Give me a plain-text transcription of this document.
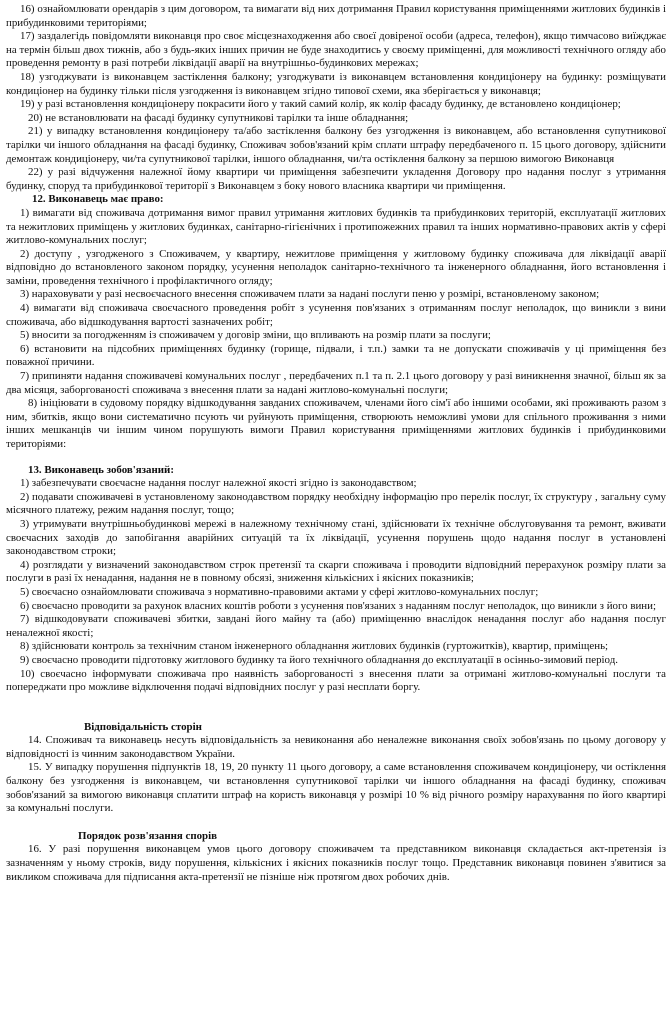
16) ознайомлювати орендарів з цим договором, та вимагати від них дотримання Правил користування приміщеннями житлових будинків і прибудинковими територіями;

17) заздалегідь повідомляти виконавця про своє місцезнаходження або своєї довіреної особи (адреса, телефон), якщо тимчасово виїжджає на термін більш двох тижнів, або з будь-яких інших причин не буде знаходитись у своєму приміщенні, для можливості технічного огляду або проведення ремонту в разі потреби ліквідації аварії на внутрішньо-будинкових мережах;

18) узгоджувати із виконавцем застіклення балкону; узгоджувати із виконавцем встановлення кондиціонеру на будинку: розміщувати кондиціонер на будинку тільки після узгодження із виконавцем згідно типової схеми, яка зберігається у виконавця;

19) у разі встановлення кондиціонеру покрасити його у такий самий колір, як колір фасаду будинку, де встановлено кондиціонер;

20) не встановлювати на фасаді будинку супутникові тарілки та інше обладнання;

21) у випадку встановлення кондиціонеру та/або застіклення балкону без узгодження із виконавцем, або встановлення супутникової тарілки чи іншого обладнання на фасаді будинку, Споживач зобов'язаний крім сплати штрафу передбаченого п. 15 цього договору, здійснити демонтаж кондиціонеру, чи/та супутникової тарілки, іншого обладнання, чи/та остіклення балкону за першою вимогою Виконавця

22) у разі відчуження належної йому квартири чи приміщення забезпечити укладення Договору про надання послуг з утримання будинку, споруд та прибудинкової території з Виконавцем з боку нового власника квартири чи приміщення.

12. Виконавець має право:

1) вимагати від споживача дотримання вимог правил утримання житлових будинків та прибудинкових територій, експлуатації житлових та нежитлових приміщень у житлових будинках, санітарно-гігієнічних і протипожежних правил та інших нормативно-правових актів у сфері житлово-комунальних послуг;

2) доступу , узгодженого з Споживачем, у квартиру, нежитлове приміщення у житловому будинку споживача для ліквідації аварії відповідно до встановленого законом порядку, усунення неполадок санітарно-технічного та інженерного обладнання, його встановлення і заміни, проведення технічного і профілактичного огляду;

3) нараховувати у разі несвоєчасного внесення споживачем плати за надані послуги пеню у розмірі, встановленому законом;

4) вимагати від споживача своєчасного проведення робіт з усунення пов'язаних з отриманням послуг неполадок, що виникли з вини споживача, або відшкодування вартості зазначених робіт;

5) вносити за погодженням із споживачем у договір зміни, що впливають на розмір плати за послуги;

6) встановити на підсобних приміщеннях будинку (горище, підвали, і т.п.) замки та не допускати споживачів у ці приміщення без поважної причини.

7) припиняти надання споживачеві комунальних послуг , передбачених п.1 та п. 2.1 цього договору у разі виникнення значної, більш як за два місяця, заборгованості споживача з внесення плати за надані житлово-комунальні послуги;

8) ініціювати в судовому порядку відшкодування завданих споживачем, членами його сім'ї або іншими особами, які проживають разом з ним, збитків, якщо вони систематично псують чи руйнують приміщення, створюють неможливі умови для спільного проживання з ними інших мешканців чи іншим чином порушують вимоги Правил користування приміщеннями житлових будинків і прибудинковими територіями:

13. Виконавець зобов'язаний:

1) забезпечувати своєчасне надання послуг належної якості згідно із законодавством;

2) подавати споживачеві в установленому законодавством порядку необхідну інформацію про перелік послуг, їх структуру , загальну суму місячного платежу, режим надання послуг, тощо;

3) утримувати внутрішньобудинкові мережі в належному технічному стані, здійснювати їх технічне обслуговування та ремонт, вживати своєчасних заходів до запобігання аварійних ситуацій та їх ліквідації, усунення порушень щодо надання послуг в установлені законодавством строки;

4) розглядати у визначений законодавством строк претензії та скарги споживача і проводити відповідний перерахунок розміру плати за послуги в разі їх ненадання, надання не в повному обсязі, зниження кількісних і якісних показників;

5) своєчасно ознайомлювати споживача з нормативно-правовими актами у сфері житлово-комунальних послуг;

6) своєчасно проводити за рахунок власних коштів роботи з усунення пов'язаних з наданням послуг неполадок, що виникли з його вини;

7) відшкодовувати споживачеві збитки, завдані його майну та (або) приміщенню внаслідок ненадання послуг або надання послуг неналежної якості;

8) здійснювати контроль за технічним станом інженерного обладнання житлових будинків (гуртожитків), квартир, приміщень;

9) своєчасно проводити підготовку житлового будинку та його технічного обладнання до експлуатації в осінньо-зимовий період.

10) своєчасно інформувати споживача про наявність заборгованості з внесення плати за отримані житлово-комунальні послуги та попереджати про можливе відключення подачі відповідних послуг у разі несплати боргу.

Відповідальність сторін

14. Споживач та виконавець несуть відповідальність за невиконання або неналежне виконання своїх зобов'язань по цьому договору у відповідності із чинним законодавством України.

15. У випадку порушення підпунктів 18, 19, 20 пункту 11 цього договору, а саме встановлення споживачем кондиціонеру, чи остіклення балкону без узгодження із виконавцем, чи встановлення супутникової тарілки чи іншого обладнання на фасаді будинку, споживач зобов'язаний за вимогою виконавця сплатити штраф на користь виконавця у розмірі 10 % від річного розміру нарахування по його квартирі за комунальні послуги.

Порядок розв'язання спорів

16. У разі порушення виконавцем умов цього договору споживачем та представником виконавця складається акт-претензія із зазначенням у ньому строків, виду порушення, кількісних і якісних показників послуг тощо. Представник виконавця повинен з'явитися за викликом споживача для підписання акта-претензії не пізніше ніж протягом двох робочих днів.
